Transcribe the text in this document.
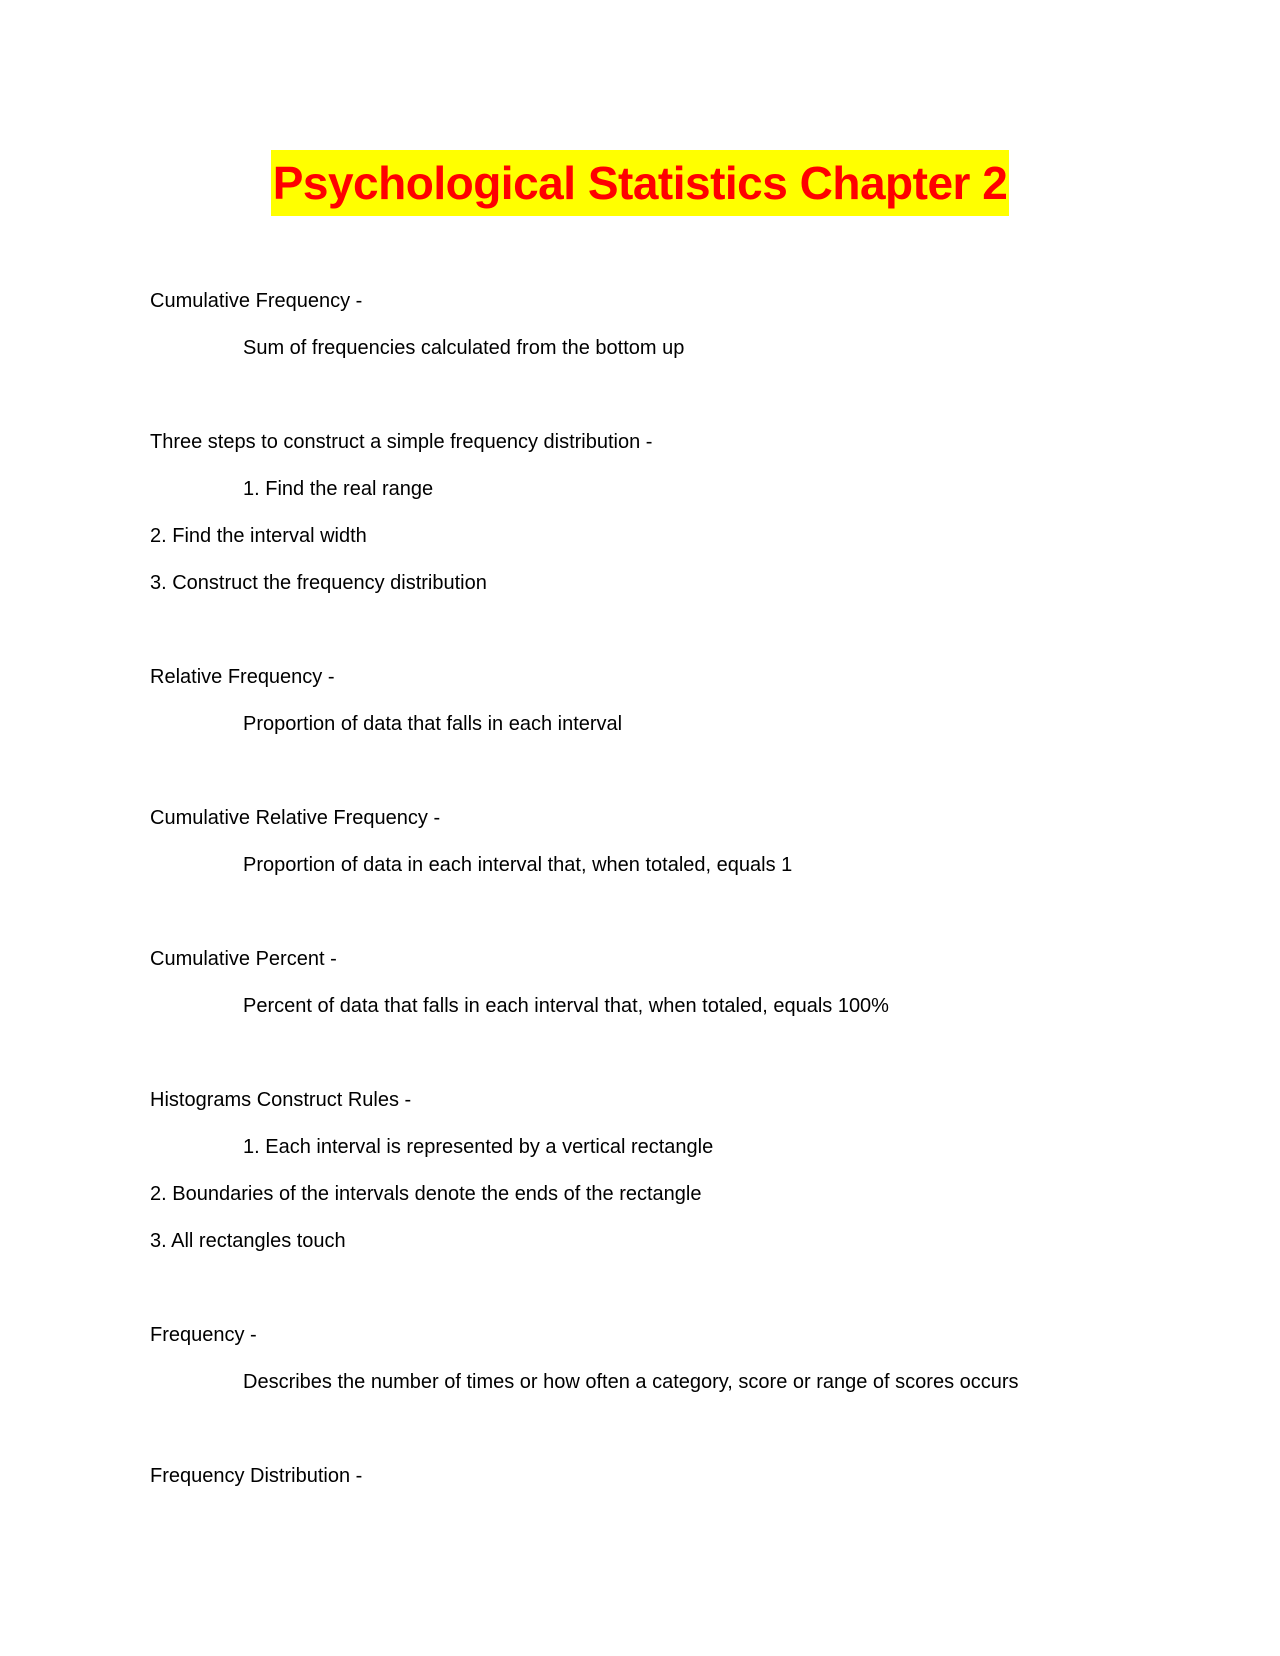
Psychological Statistics Chapter 2
Cumulative Frequency -
Sum of frequencies calculated from the bottom up
Three steps to construct a simple frequency distribution -
1. Find the real range
2. Find the interval width
3. Construct the frequency distribution
Relative Frequency -
Proportion of data that falls in each interval
Cumulative Relative Frequency -
Proportion of data in each interval that, when totaled, equals 1
Cumulative Percent -
Percent of data that falls in each interval that, when totaled, equals 100%
Histograms Construct Rules -
1. Each interval is represented by a vertical rectangle
2. Boundaries of the intervals denote the ends of the rectangle
3. All rectangles touch
Frequency -
Describes the number of times or how often a category, score or range of scores occurs
Frequency Distribution -
